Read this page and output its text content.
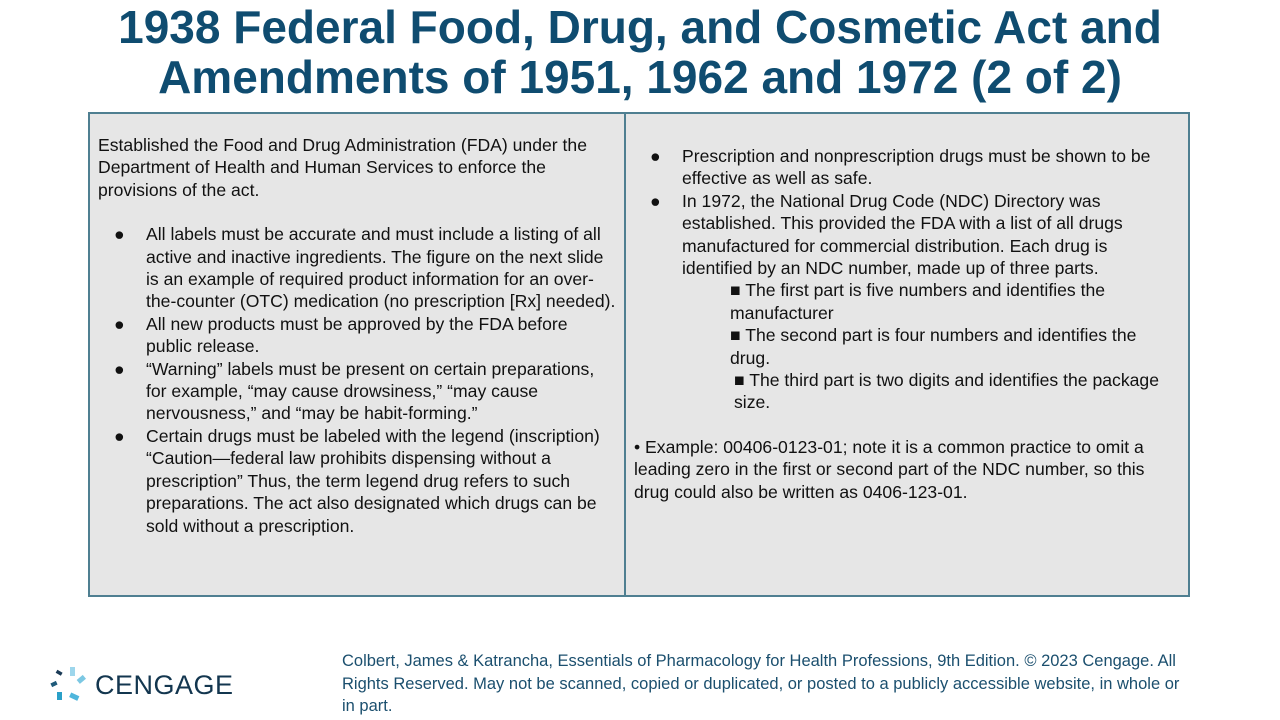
1938 Federal Food, Drug, and Cosmetic Act and
Amendments of 1951, 1962 and 1972 (2 of 2)

Established the Food and Drug Administration (FDA) under the Department of Health and Human Services to enforce the provisions of the act.

● All labels must be accurate and must include a listing of all active and inactive ingredients. The figure on the next slide is an example of required product information for an over-the-counter (OTC) medication (no prescription [Rx] needed).
● All new products must be approved by the FDA before public release.
● “Warning” labels must be present on certain preparations, for example, “may cause drowsiness,” “may cause nervousness,” and “may be habit-forming.”
● Certain drugs must be labeled with the legend (inscription) “Caution—federal law prohibits dispensing without a prescription” Thus, the term legend drug refers to such preparations. The act also designated which drugs can be sold without a prescription.
● Prescription and nonprescription drugs must be shown to be effective as well as safe.
● In 1972, the National Drug Code (NDC) Directory was established. This provided the FDA with a list of all drugs manufactured for commercial distribution. Each drug is identified by an NDC number, made up of three parts.
■ The first part is five numbers and identifies the manufacturer
■ The second part is four numbers and identifies the drug.
■ The third part is two digits and identifies the package size.

• Example: 00406-0123-01; note it is a common practice to omit a leading zero in the first or second part of the NDC number, so this drug could also be written as 0406-123-01.

CENGAGE
Colbert, James & Katrancha, Essentials of Pharmacology for Health Professions, 9th Edition. © 2023 Cengage. All Rights Reserved. May not be scanned, copied or duplicated, or posted to a publicly accessible website, in whole or in part.
